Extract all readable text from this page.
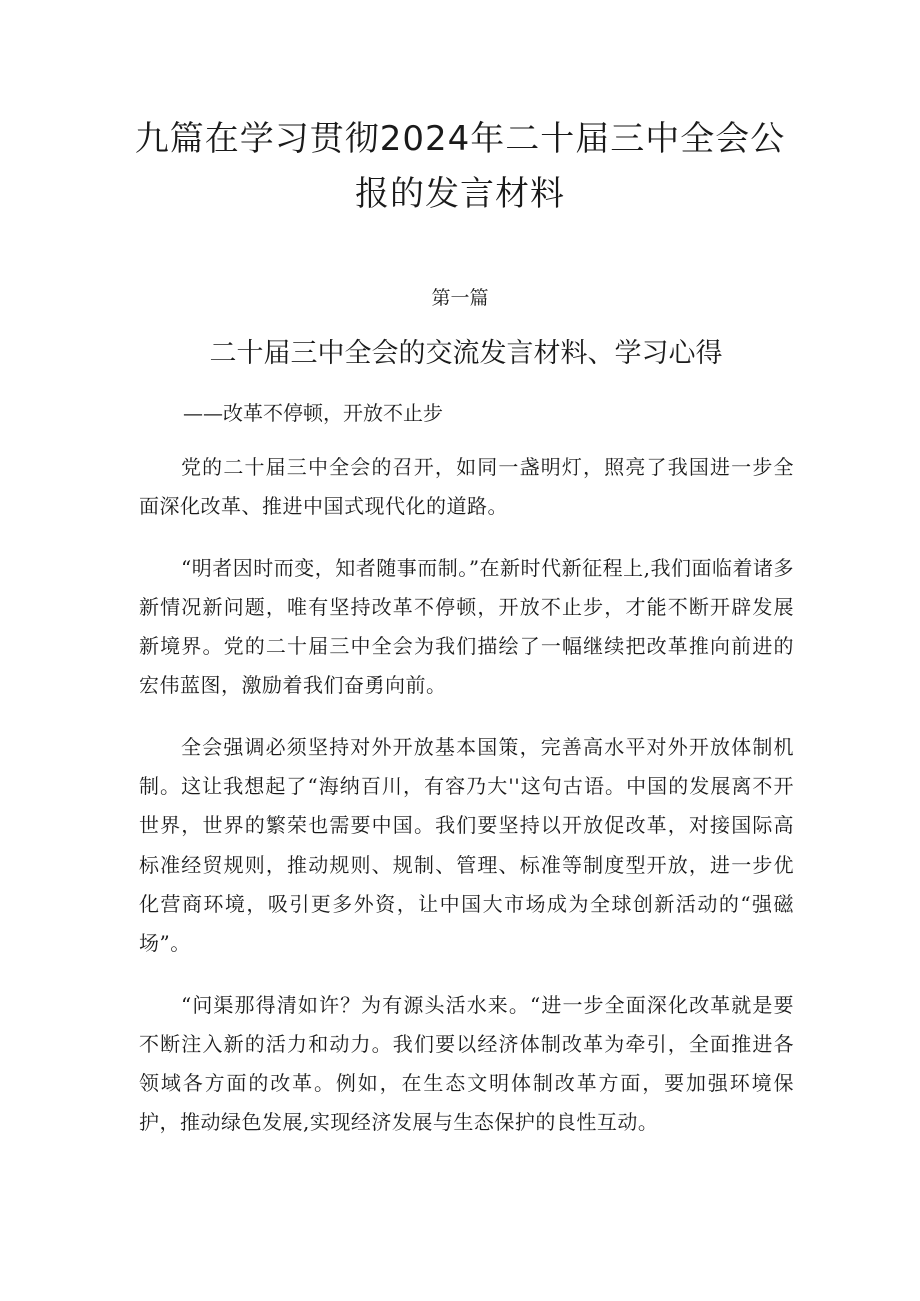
九篇在学习贯彻2024年二十届三中全会公
报的发言材料

第一篇

二十届三中全会的交流发言材料、学习心得

——改革不停顿，开放不止步

党的二十届三中全会的召开，如同一盏明灯，照亮了我国进一步全面深化改革、推进中国式现代化的道路。

“明者因时而变，知者随事而制。”在新时代新征程上,我们面临着诸多新情况新问题，唯有坚持改革不停顿，开放不止步，才能不断开辟发展新境界。党的二十届三中全会为我们描绘了一幅继续把改革推向前进的宏伟蓝图，激励着我们奋勇向前。

全会强调必须坚持对外开放基本国策，完善高水平对外开放体制机制。这让我想起了“海纳百川，有容乃大''这句古语。中国的发展离不开世界，世界的繁荣也需要中国。我们要坚持以开放促改革，对接国际高标准经贸规则，推动规则、规制、管理、标准等制度型开放，进一步优化营商环境，吸引更多外资，让中国大市场成为全球创新活动的“强磁场”。

“问渠那得清如许？为有源头活水来。“进一步全面深化改革就是要不断注入新的活力和动力。我们要以经济体制改革为牵引，全面推进各领域各方面的改革。例如，在生态文明体制改革方面，要加强环境保护，推动绿色发展,实现经济发展与生态保护的良性互动。
